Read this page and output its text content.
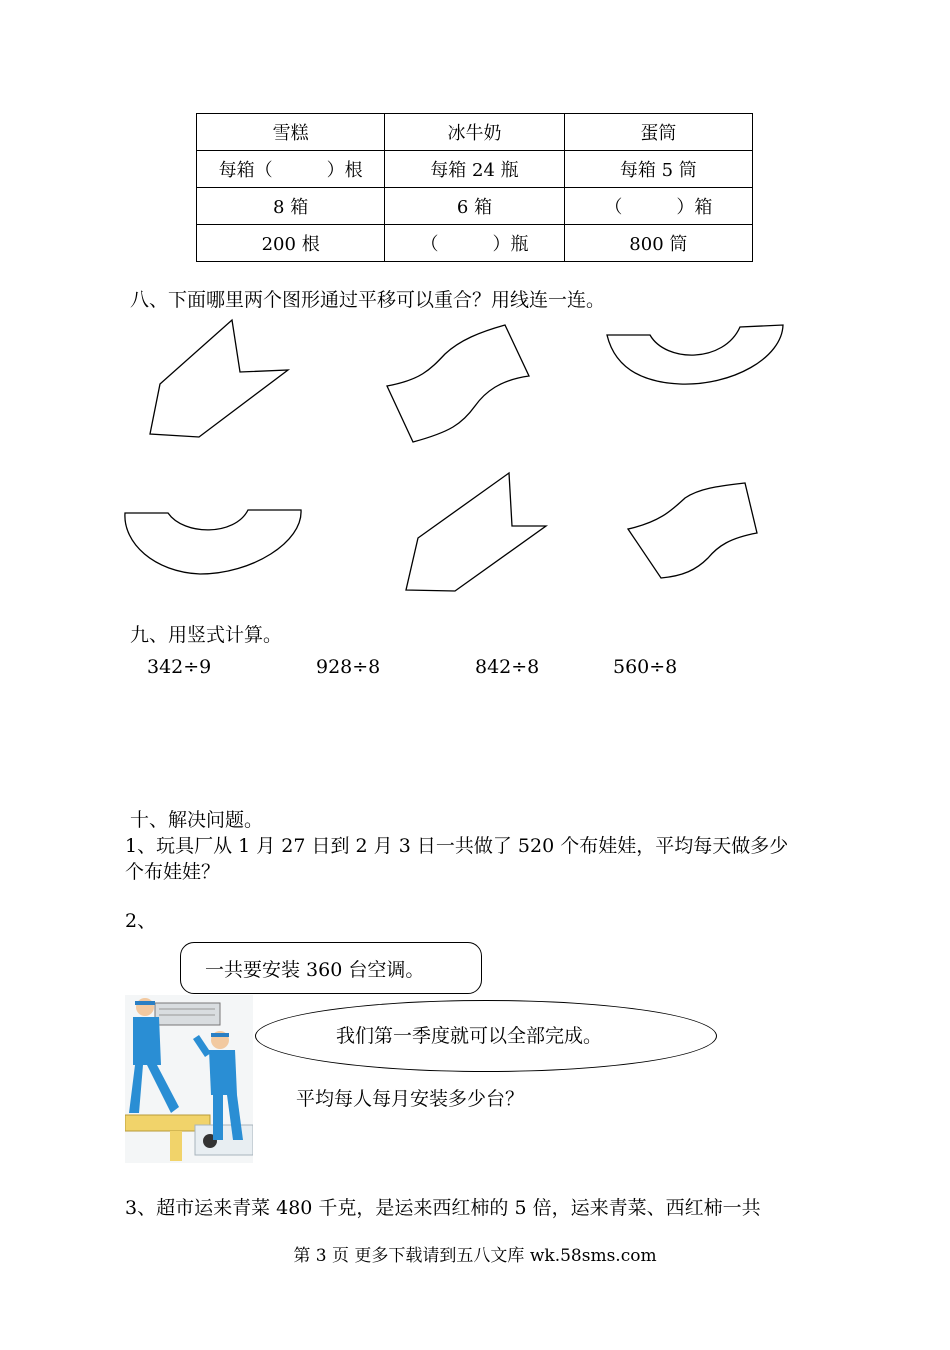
雪糕	冰牛奶	蛋筒
每箱（　　　）根	每箱 24 瓶	每箱 5 筒
8 箱	6 箱	（　　　）箱
200 根	（　　　）瓶	800 筒
八、下面哪里两个图形通过平移可以重合？用线连一连。
九、用竖式计算。
342÷9	928÷8	842÷8	560÷8
十、解决问题。
1、玩具厂从 1 月 27 日到 2 月 3 日一共做了 520 个布娃娃，平均每天做多少
个布娃娃？
2、
一共要安装 360 台空调。
我们第一季度就可以全部完成。
平均每人每月安装多少台？
3、超市运来青菜 480 千克，是运来西红柿的 5 倍，运来青菜、西红柿一共
第 3 页 更多下载请到五八文库 wk.58sms.com
